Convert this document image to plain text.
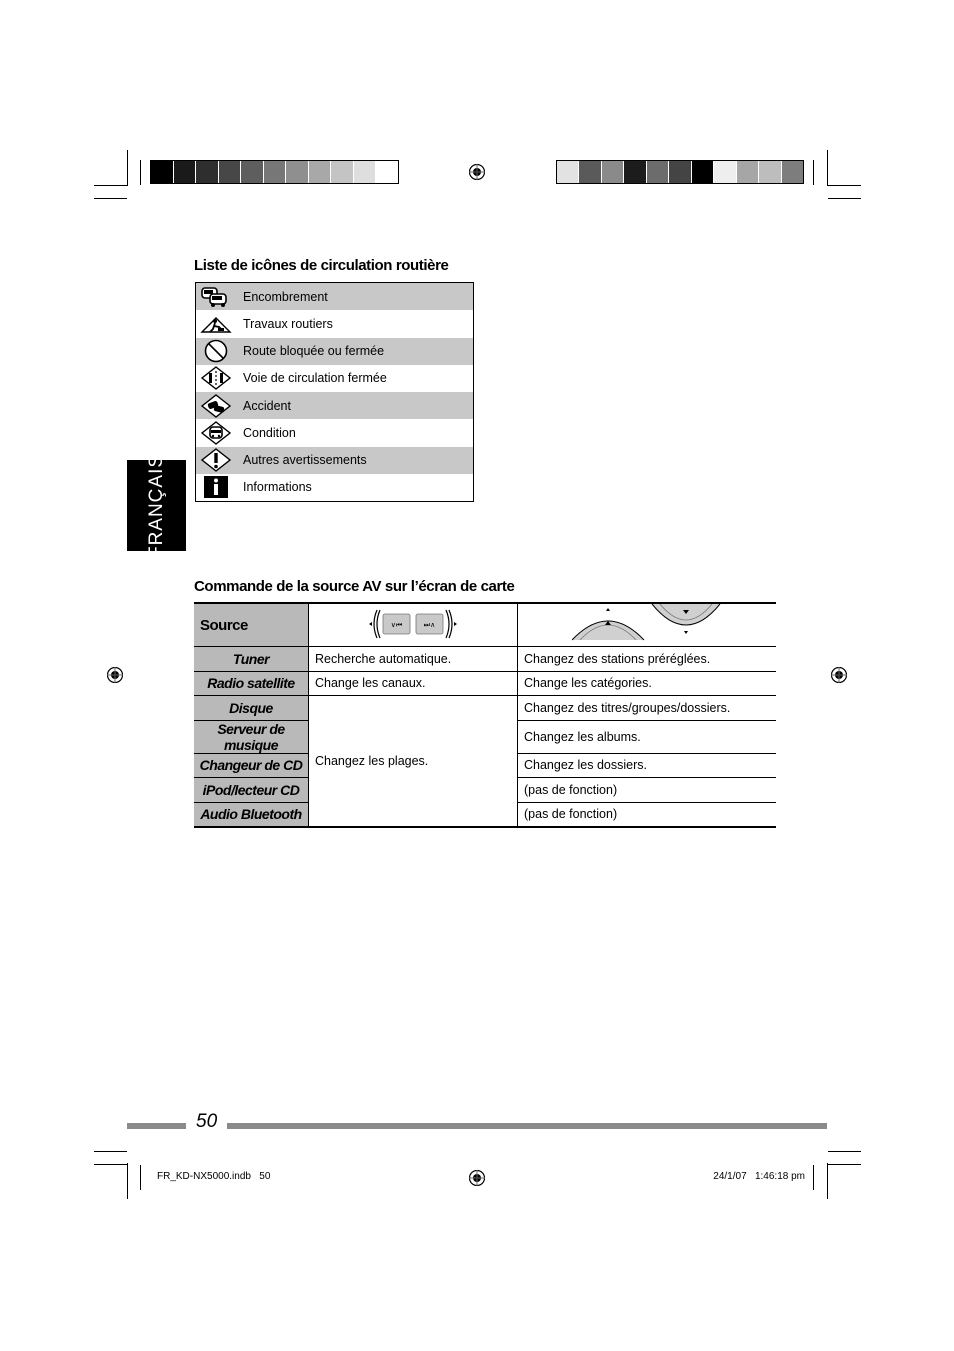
Liste de icônes de circulation routière
Encombrement
Travaux routiers
Route bloquée ou fermée
Voie de circulation fermée
Accident
Condition
Autres avertissements
Informations
FRANÇAIS
Commande de la source AV sur l’écran de carte
Source	∨⏮ ⏭∧

Tuner	Recherche automatique.	Changez des stations préréglées.
Radio satellite	Change les canaux.	Change les catégories.
Disque	Changez les plages.	Changez des titres/groupes/dossiers.
Serveur de musique		Changez les albums.
Changeur de CD		Changez les dossiers.
iPod/lecteur CD		(pas de fonction)
Audio Bluetooth		(pas de fonction)
50
FR_KD-NX5000.indb   50	24/1/07   1:46:18 pm
